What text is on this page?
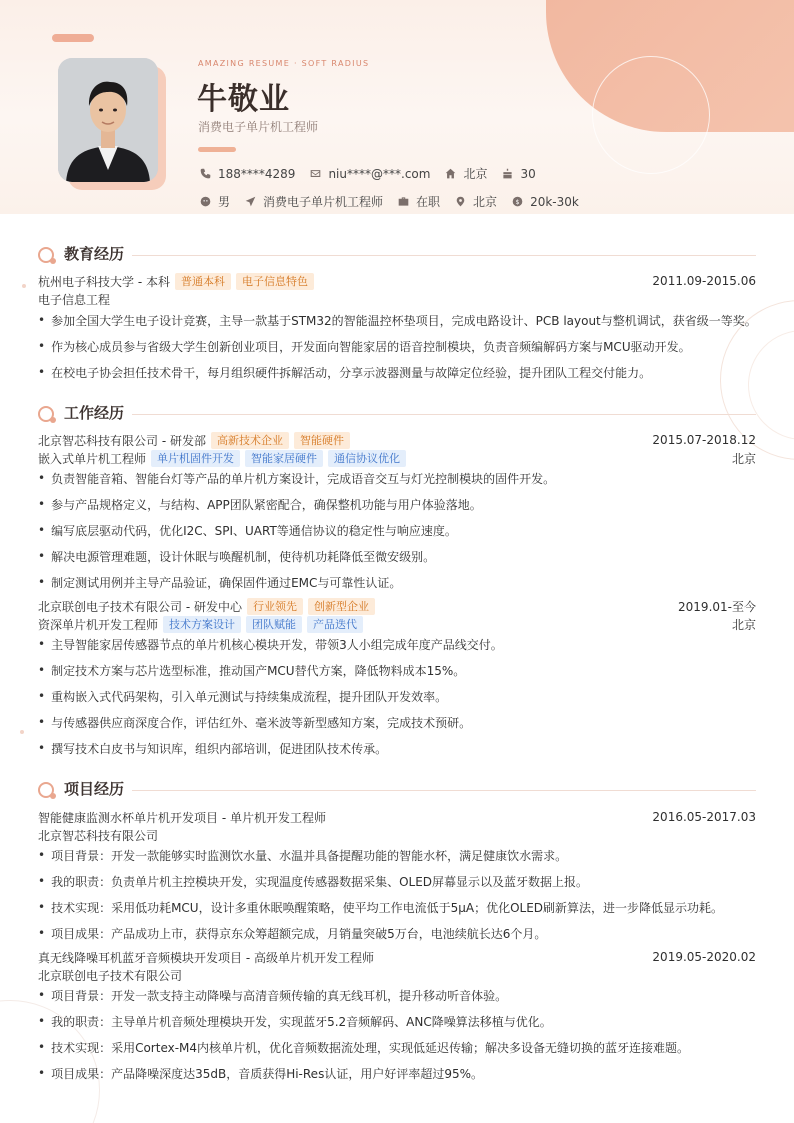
AMAZING RESUME · SOFT RADIUS
牛敬业
消费电子单片机工程师
188****4289	niu****@***.com	北京	30
男	消费电子单片机工程师	在职	北京 $ 20k-30k
教育经历
杭州电子科技大学 - 本科	普通本科	电子信息特色	2011.09-2015.06
电子信息工程
• 参加全国大学生电子设计竞赛，主导一款基于STM32的智能温控杯垫项目，完成电路设计、PCB layout与整机调试，获省级一等奖。
• 作为核心成员参与省级大学生创新创业项目，开发面向智能家居的语音控制模块，负责音频编解码方案与MCU驱动开发。
• 在校电子协会担任技术骨干，每月组织硬件拆解活动，分享示波器测量与故障定位经验，提升团队工程交付能力。
工作经历
北京智芯科技有限公司 - 研发部	高新技术企业	智能硬件	2015.07-2018.12
嵌入式单片机工程师	单片机固件开发	智能家居硬件	通信协议优化	北京
• 负责智能音箱、智能台灯等产品的单片机方案设计，完成语音交互与灯光控制模块的固件开发。
• 参与产品规格定义，与结构、APP团队紧密配合，确保整机功能与用户体验落地。
• 编写底层驱动代码，优化I2C、SPI、UART等通信协议的稳定性与响应速度。
• 解决电源管理难题，设计休眠与唤醒机制，使待机功耗降低至微安级别。
• 制定测试用例并主导产品验证，确保固件通过EMC与可靠性认证。
北京联创电子技术有限公司 - 研发中心	行业领先	创新型企业	2019.01-至今
资深单片机开发工程师	技术方案设计	团队赋能	产品迭代	北京
• 主导智能家居传感器节点的单片机核心模块开发，带领3人小组完成年度产品线交付。
• 制定技术方案与芯片选型标准，推动国产MCU替代方案，降低物料成本15%。
• 重构嵌入式代码架构，引入单元测试与持续集成流程，提升团队开发效率。
• 与传感器供应商深度合作，评估红外、毫米波等新型感知方案，完成技术预研。
• 撰写技术白皮书与知识库，组织内部培训，促进团队技术传承。
项目经历
智能健康监测水杯单片机开发项目 - 单片机开发工程师	2016.05-2017.03
北京智芯科技有限公司
• 项目背景：开发一款能够实时监测饮水量、水温并具备提醒功能的智能水杯，满足健康饮水需求。
• 我的职责：负责单片机主控模块开发，实现温度传感器数据采集、OLED屏幕显示以及蓝牙数据上报。
• 技术实现：采用低功耗MCU，设计多重休眠唤醒策略，使平均工作电流低于5μA；优化OLED刷新算法，进一步降低显示功耗。
• 项目成果：产品成功上市，获得京东众筹超额完成，月销量突破5万台，电池续航长达6个月。
真无线降噪耳机蓝牙音频模块开发项目 - 高级单片机开发工程师	2019.05-2020.02
北京联创电子技术有限公司
• 项目背景：开发一款支持主动降噪与高清音频传输的真无线耳机，提升移动听音体验。
• 我的职责：主导单片机音频处理模块开发，实现蓝牙5.2音频解码、ANC降噪算法移植与优化。
• 技术实现：采用Cortex-M4内核单片机，优化音频数据流处理，实现低延迟传输；解决多设备无缝切换的蓝牙连接难题。
• 项目成果：产品降噪深度达35dB，音质获得Hi-Res认证，用户好评率超过95%。
